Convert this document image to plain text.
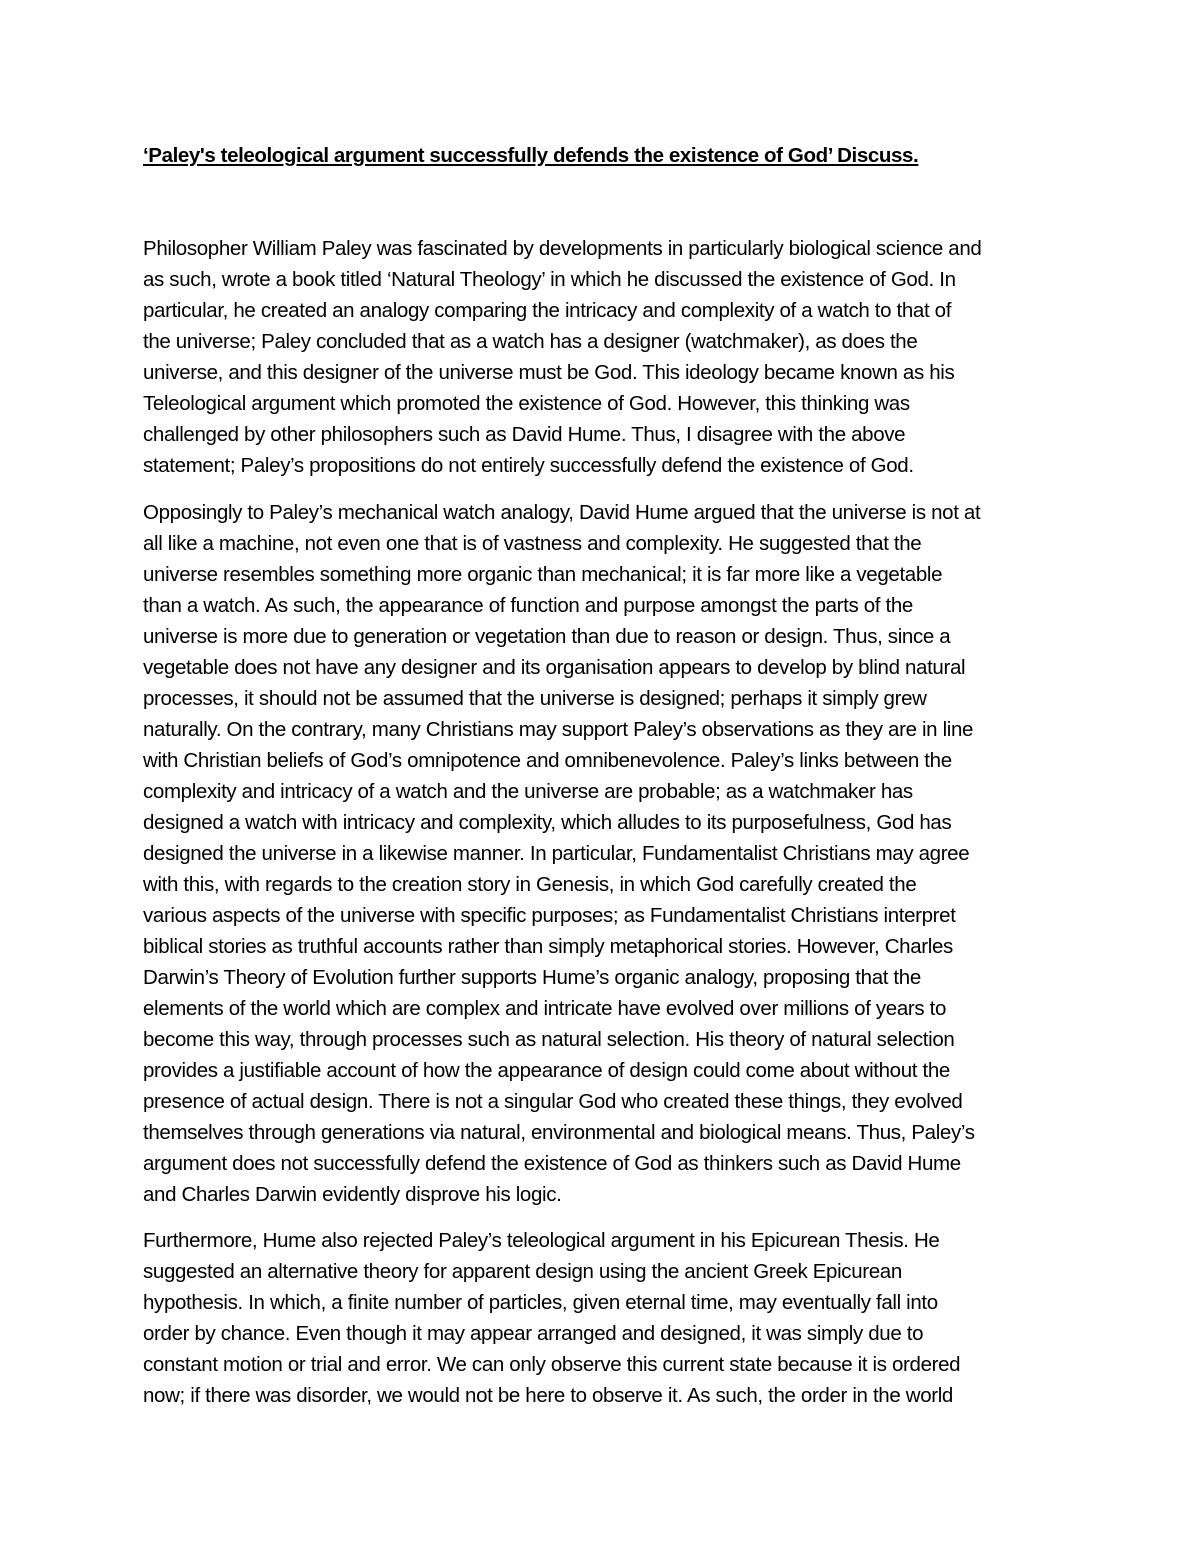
‘Paley's teleological argument successfully defends the existence of God’ Discuss.

Philosopher William Paley was fascinated by developments in particularly biological science and
as such, wrote a book titled ‘Natural Theology’ in which he discussed the existence of God. In
particular, he created an analogy comparing the intricacy and complexity of a watch to that of
the universe; Paley concluded that as a watch has a designer (watchmaker), as does the
universe, and this designer of the universe must be God. This ideology became known as his
Teleological argument which promoted the existence of God. However, this thinking was
challenged by other philosophers such as David Hume. Thus, I disagree with the above
statement; Paley’s propositions do not entirely successfully defend the existence of God.

Opposingly to Paley’s mechanical watch analogy, David Hume argued that the universe is not at
all like a machine, not even one that is of vastness and complexity. He suggested that the
universe resembles something more organic than mechanical; it is far more like a vegetable
than a watch. As such, the appearance of function and purpose amongst the parts of the
universe is more due to generation or vegetation than due to reason or design. Thus, since a
vegetable does not have any designer and its organisation appears to develop by blind natural
processes, it should not be assumed that the universe is designed; perhaps it simply grew
naturally. On the contrary, many Christians may support Paley’s observations as they are in line
with Christian beliefs of God’s omnipotence and omnibenevolence. Paley’s links between the
complexity and intricacy of a watch and the universe are probable; as a watchmaker has
designed a watch with intricacy and complexity, which alludes to its purposefulness, God has
designed the universe in a likewise manner. In particular, Fundamentalist Christians may agree
with this, with regards to the creation story in Genesis, in which God carefully created the
various aspects of the universe with specific purposes; as Fundamentalist Christians interpret
biblical stories as truthful accounts rather than simply metaphorical stories. However, Charles
Darwin’s Theory of Evolution further supports Hume’s organic analogy, proposing that the
elements of the world which are complex and intricate have evolved over millions of years to
become this way, through processes such as natural selection. His theory of natural selection
provides a justifiable account of how the appearance of design could come about without the
presence of actual design. There is not a singular God who created these things, they evolved
themselves through generations via natural, environmental and biological means. Thus, Paley’s
argument does not successfully defend the existence of God as thinkers such as David Hume
and Charles Darwin evidently disprove his logic.

Furthermore, Hume also rejected Paley’s teleological argument in his Epicurean Thesis. He
suggested an alternative theory for apparent design using the ancient Greek Epicurean
hypothesis. In which, a finite number of particles, given eternal time, may eventually fall into
order by chance. Even though it may appear arranged and designed, it was simply due to
constant motion or trial and error. We can only observe this current state because it is ordered
now; if there was disorder, we would not be here to observe it. As such, the order in the world
